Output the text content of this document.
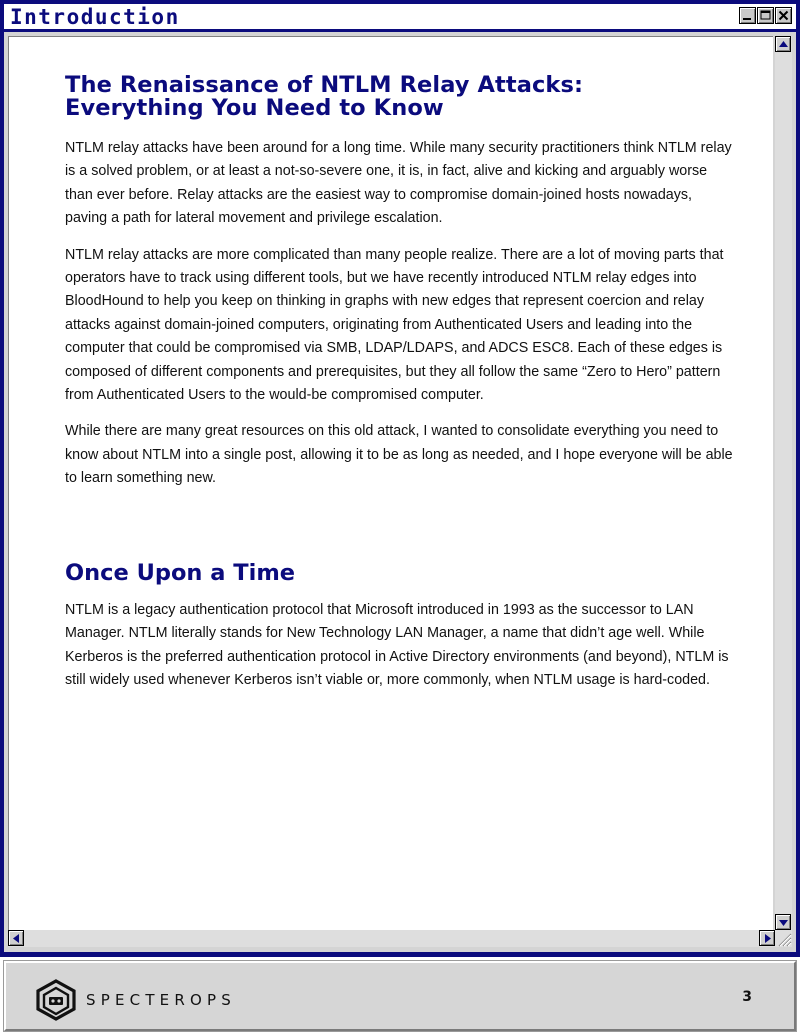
Introduction
The Renaissance of NTLM Relay Attacks:
Everything You Need to Know

NTLM relay attacks have been around for a long time. While many security practitioners think NTLM relay is a solved problem, or at least a not-so-severe one, it is, in fact, alive and kicking and arguably worse than ever before. Relay attacks are the easiest way to compromise domain-joined hosts nowadays, paving a path for lateral movement and privilege escalation.

NTLM relay attacks are more complicated than many people realize. There are a lot of moving parts that operators have to track using different tools, but we have recently introduced NTLM relay edges into BloodHound to help you keep on thinking in graphs with new edges that represent coercion and relay attacks against domain-joined computers, originating from Authenticated Users and leading into the computer that could be compromised via SMB, LDAP/LDAPS, and ADCS ESC8. Each of these edges is composed of different components and prerequisites, but they all follow the same “Zero to Hero” pattern from Authenticated Users to the would-be compromised computer.

While there are many great resources on this old attack, I wanted to consolidate everything you need to know about NTLM into a single post, allowing it to be as long as needed, and I hope everyone will be able to learn something new.

Once Upon a Time

NTLM is a legacy authentication protocol that Microsoft introduced in 1993 as the successor to LAN Manager. NTLM literally stands for New Technology LAN Manager, a name that didn’t age well. While Kerberos is the preferred authentication protocol in Active Directory environments (and beyond), NTLM is still widely used whenever Kerberos isn’t viable or, more commonly, when NTLM usage is hard-coded.

SPECTEROPS	3
